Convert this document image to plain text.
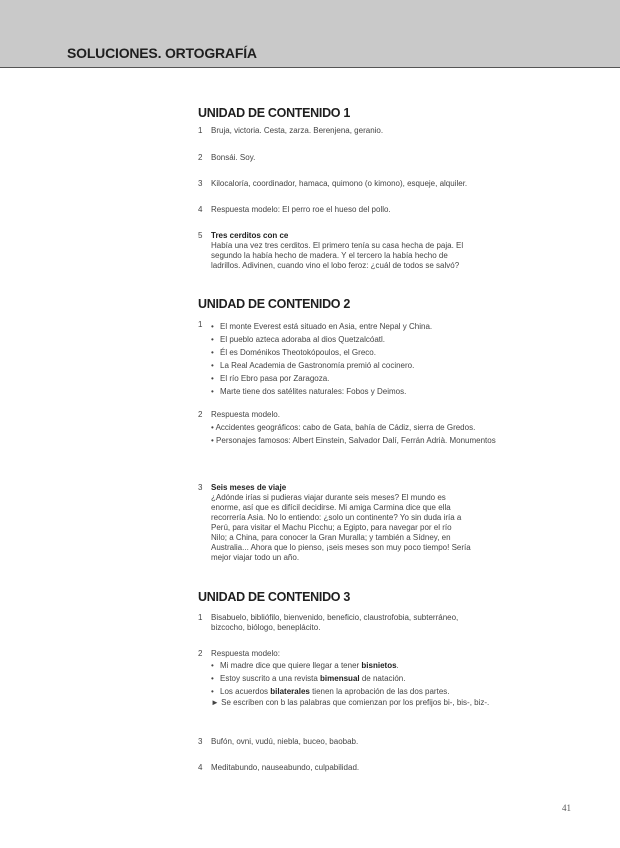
SOLUCIONES. ORTOGRAFÍA
UNIDAD DE CONTENIDO 1
1 Bruja, victoria. Cesta, zarza. Berenjena, geranio.
2 Bonsái. Soy.
3 Kilocaloría, coordinador, hamaca, quimono (o kimono), esqueje, alquiler.
4 Respuesta modelo: El perro roe el hueso del pollo.
5 Tres cerditos con ce
Había una vez tres cerditos. El primero tenía su casa hecha de paja. El
segundo la había hecho de madera. Y el tercero la había hecho de
ladrillos. Adivinen, cuando vino el lobo feroz: ¿cuál de todos se salvó?
UNIDAD DE CONTENIDO 2
1
•	El monte Everest está situado en Asia, entre Nepal y China.
• El pueblo azteca adoraba al dios Quetzalcóatl.
• Él es Doménikos Theotokópoulos, el Greco.
• La Real Academia de Gastronomía premió al cocinero.
• El río Ebro pasa por Zaragoza.
• Marte tiene dos satélites naturales: Fobos y Deimos.
2 Respuesta modelo.
• Accidentes geográficos: cabo de Gata, bahía de Cádiz, sierra de Gredos.
• Personajes famosos: Albert Einstein, Salvador Dalí, Ferrán Adrià. Monumentos
3 Seis meses de viaje
¿Adónde irías si pudieras viajar durante seis meses? El mundo es
enorme, así que es difícil decidirse. Mi amiga Carmina dice que ella
recorrería Asia. No lo entiendo: ¿solo un continente? Yo sin duda iría a
Perú, para visitar el Machu Picchu; a Egipto, para navegar por el río
Nilo; a China, para conocer la Gran Muralla; y también a Sídney, en
Australia... Ahora que lo pienso, ¡seis meses son muy poco tiempo! Sería
mejor viajar todo un año.
UNIDAD DE CONTENIDO 3
1 Bisabuelo, bibliófilo, bienvenido, beneficio, claustrofobia, subterráneo,
bizcocho, biólogo, beneplácito.
2 Respuesta modelo:
• Mi madre dice que quiere llegar a tener bisnietos.
• Estoy suscrito a una revista bimensual de natación.
• Los acuerdos bilaterales tienen la aprobación de las dos partes.
► Se escriben con b las palabras que comienzan por los prefijos bi-, bis-, biz-.
3 Bufón, ovni, vudú, niebla, buceo, baobab.
4 Meditabundo, nauseabundo, culpabilidad.
41
